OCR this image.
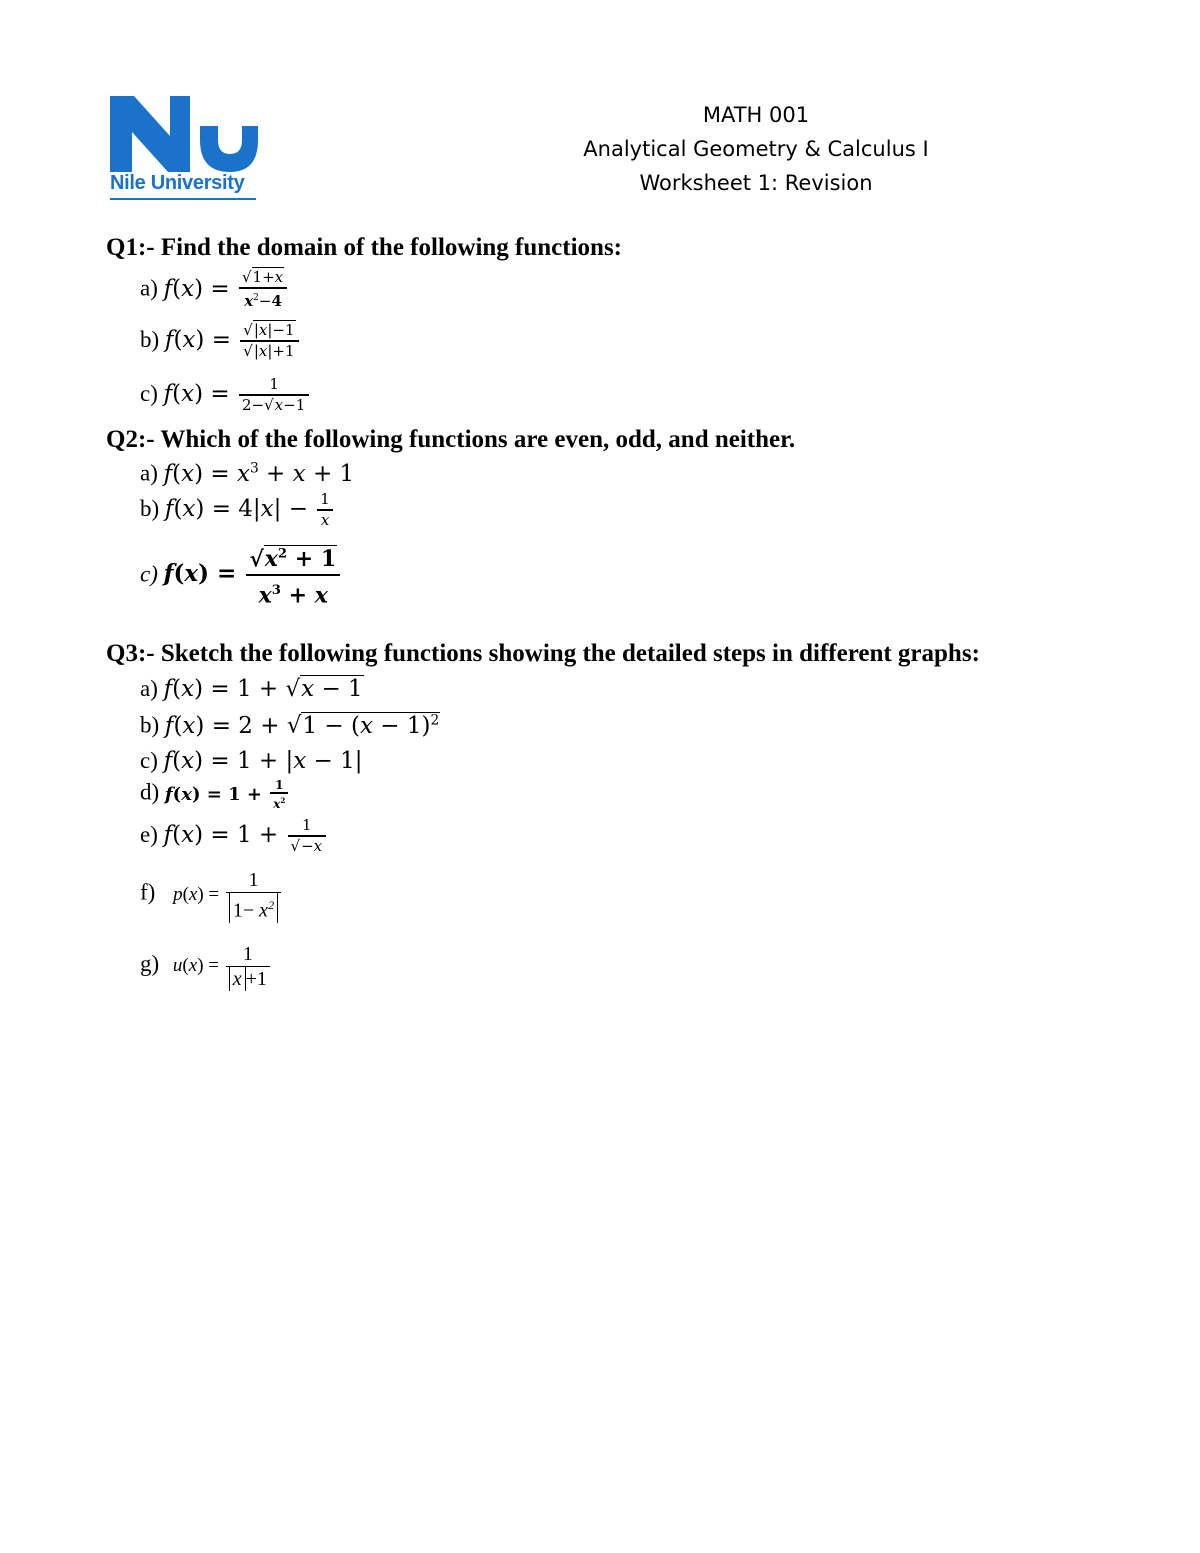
Nile University
MATH 001
Analytical Geometry & Calculus I
Worksheet 1: Revision
Q1:- Find the domain of the following functions:
a) $f(x) = \frac{√1+x}{x^2-4}$
b) $f(x) = \frac{√|x|-1}{√|x|+1}$
c) $f(x) = \frac{1}{2-√x-1}$
Q2:- Which of the following functions are even, odd, and neither.
a) $f(x) = x^3 + x + 1$
b) $f(x) = 4|x| - \frac{1}{x}$
c) $f(x) = \frac{√x^2 + 1}{x^3 + x}$
Q3:- Sketch the following functions showing the detailed steps in different graphs:
a) f(x) = 1 + √x − 1
b) $f(x) = 2 + √1 - (x - 1)^2$
c) f(x) = 1 + |x − 1|
d) $f(x) = 1 + \frac{1}{x^2}$
e) $f(x) = 1 + \frac{1}{√-x}$
f) $p(x) = \frac{1}{1- x^2}$
g) $u(x) = \frac{1}{x +1}$
